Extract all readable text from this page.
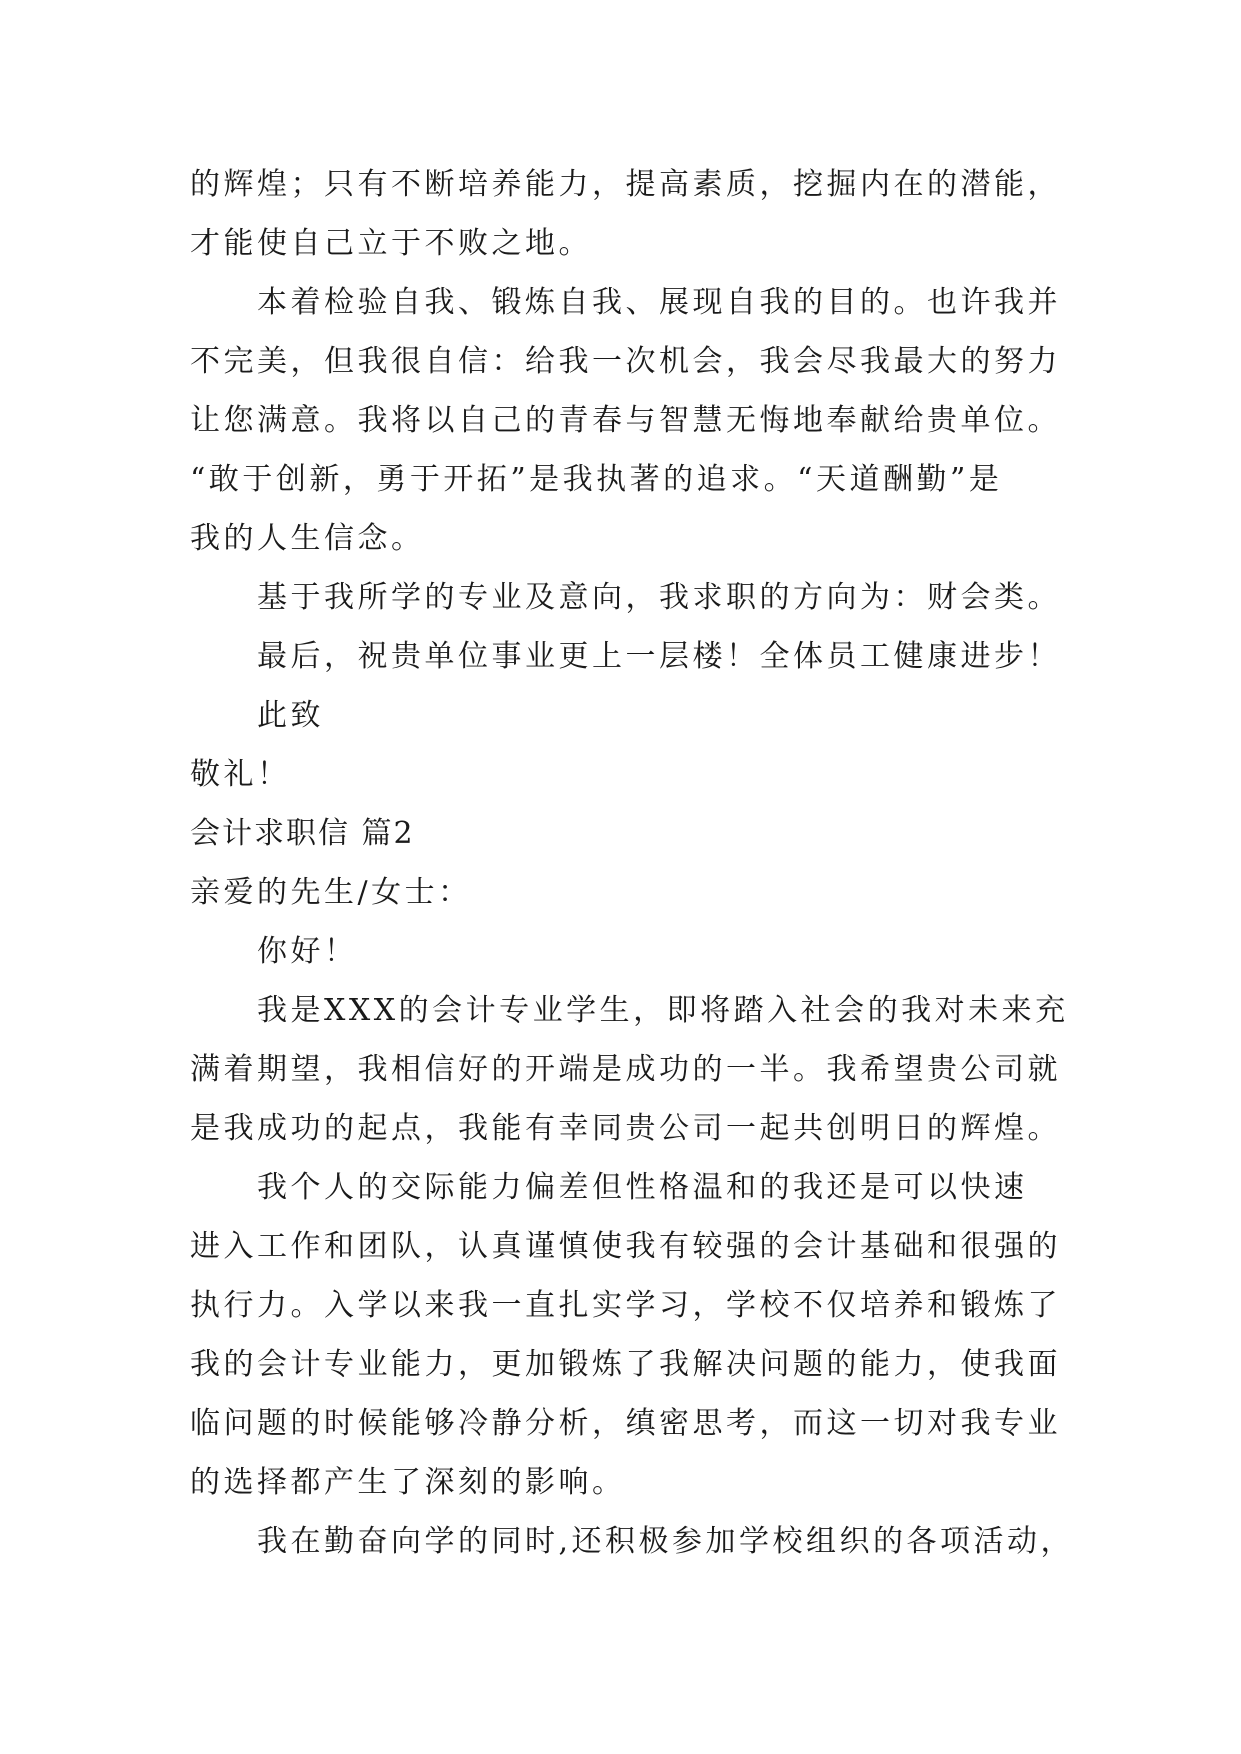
的辉煌；只有不断培养能力，提高素质，挖掘内在的潜能，
才能使自己立于不败之地。
本着检验自我、锻炼自我、展现自我的目的。也许我并
不完美，但我很自信：给我一次机会，我会尽我最大的努力
让您满意。我将以自己的青春与智慧无悔地奉献给贵单位。
“敢于创新，勇于开拓”是我执著的追求。“天道酬勤”是
我的人生信念。
基于我所学的专业及意向，我求职的方向为：财会类。
最后，祝贵单位事业更上一层楼！全体员工健康进步！
此致
敬礼！
会计求职信 篇2
亲爱的先生/女士：
你好！
我是XXX的会计专业学生，即将踏入社会的我对未来充
满着期望，我相信好的开端是成功的一半。我希望贵公司就
是我成功的起点，我能有幸同贵公司一起共创明日的辉煌。
我个人的交际能力偏差但性格温和的我还是可以快速
进入工作和团队，认真谨慎使我有较强的会计基础和很强的
执行力。入学以来我一直扎实学习，学校不仅培养和锻炼了
我的会计专业能力，更加锻炼了我解决问题的能力，使我面
临问题的时候能够冷静分析，缜密思考，而这一切对我专业
的选择都产生了深刻的影响。
我在勤奋向学的同时,还积极参加学校组织的各项活动，
